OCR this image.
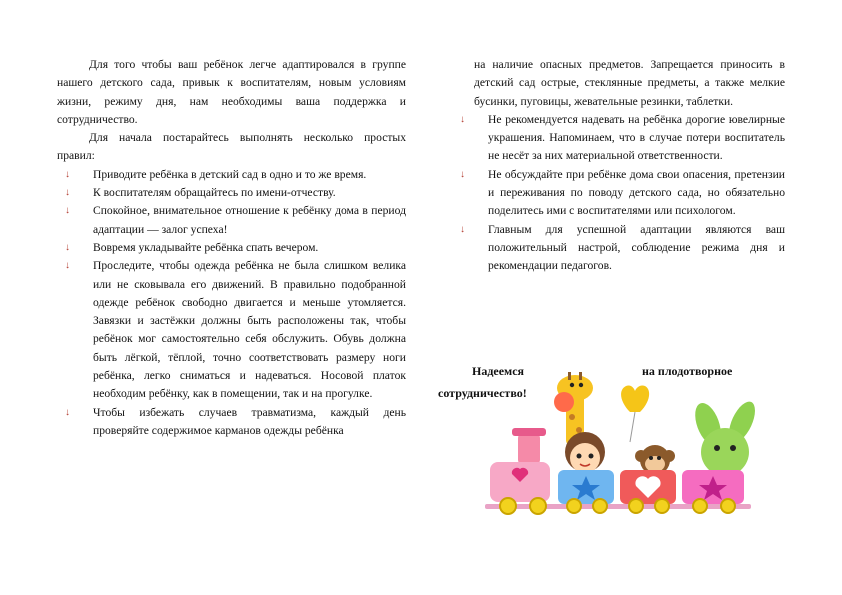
Для того чтобы ваш ребёнок легче адаптировался в группе нашего детского сада, привык к воспитателям, новым условиям жизни, режиму дня, нам необходимы ваша поддержка и сотрудничество.

Для начала постарайтесь выполнять несколько простых правил:

↓ Приводите ребёнка в детский сад в одно и то же время.
↓ К воспитателям обращайтесь по имени-отчеству.
↓ Спокойное, внимательное отношение к ребёнку дома в период адаптации — залог успеха!
↓ Вовремя укладывайте ребёнка спать вечером.
↓ Проследите, чтобы одежда ребёнка не была слишком велика или не сковывала его движений. В правильно подобранной одежде ребёнок свободно двигается и меньше утомляется. Завязки и застёжки должны быть расположены так, чтобы ребёнок мог самостоятельно себя обслужить. Обувь должна быть лёгкой, тёплой, точно соответствовать размеру ноги ребёнка, легко сниматься и надеваться. Носовой платок необходим ребёнку, как в помещении, так и на прогулке.
↓ Чтобы избежать случаев травматизма, каждый день проверяйте содержимое карманов одежды ребёнка

на наличие опасных предметов. Запрещается приносить в детский сад острые, стеклянные предметы, а также мелкие бусинки, пуговицы, жевательные резинки, таблетки.

↓ Не рекомендуется надевать на ребёнка дорогие ювелирные украшения. Напоминаем, что в случае потери воспитатель не несёт за них материальной ответственности.
↓ Не обсуждайте при ребёнке дома свои опасения, претензии и переживания по поводу детского сада, но обязательно поделитесь ими с воспитателями или психологом.
↓ Главным для успешной адаптации являются ваш положительный настрой, соблюдение режима дня и рекомендации педагогов.
Надеемся	на плодотворное
сотрудничество!
